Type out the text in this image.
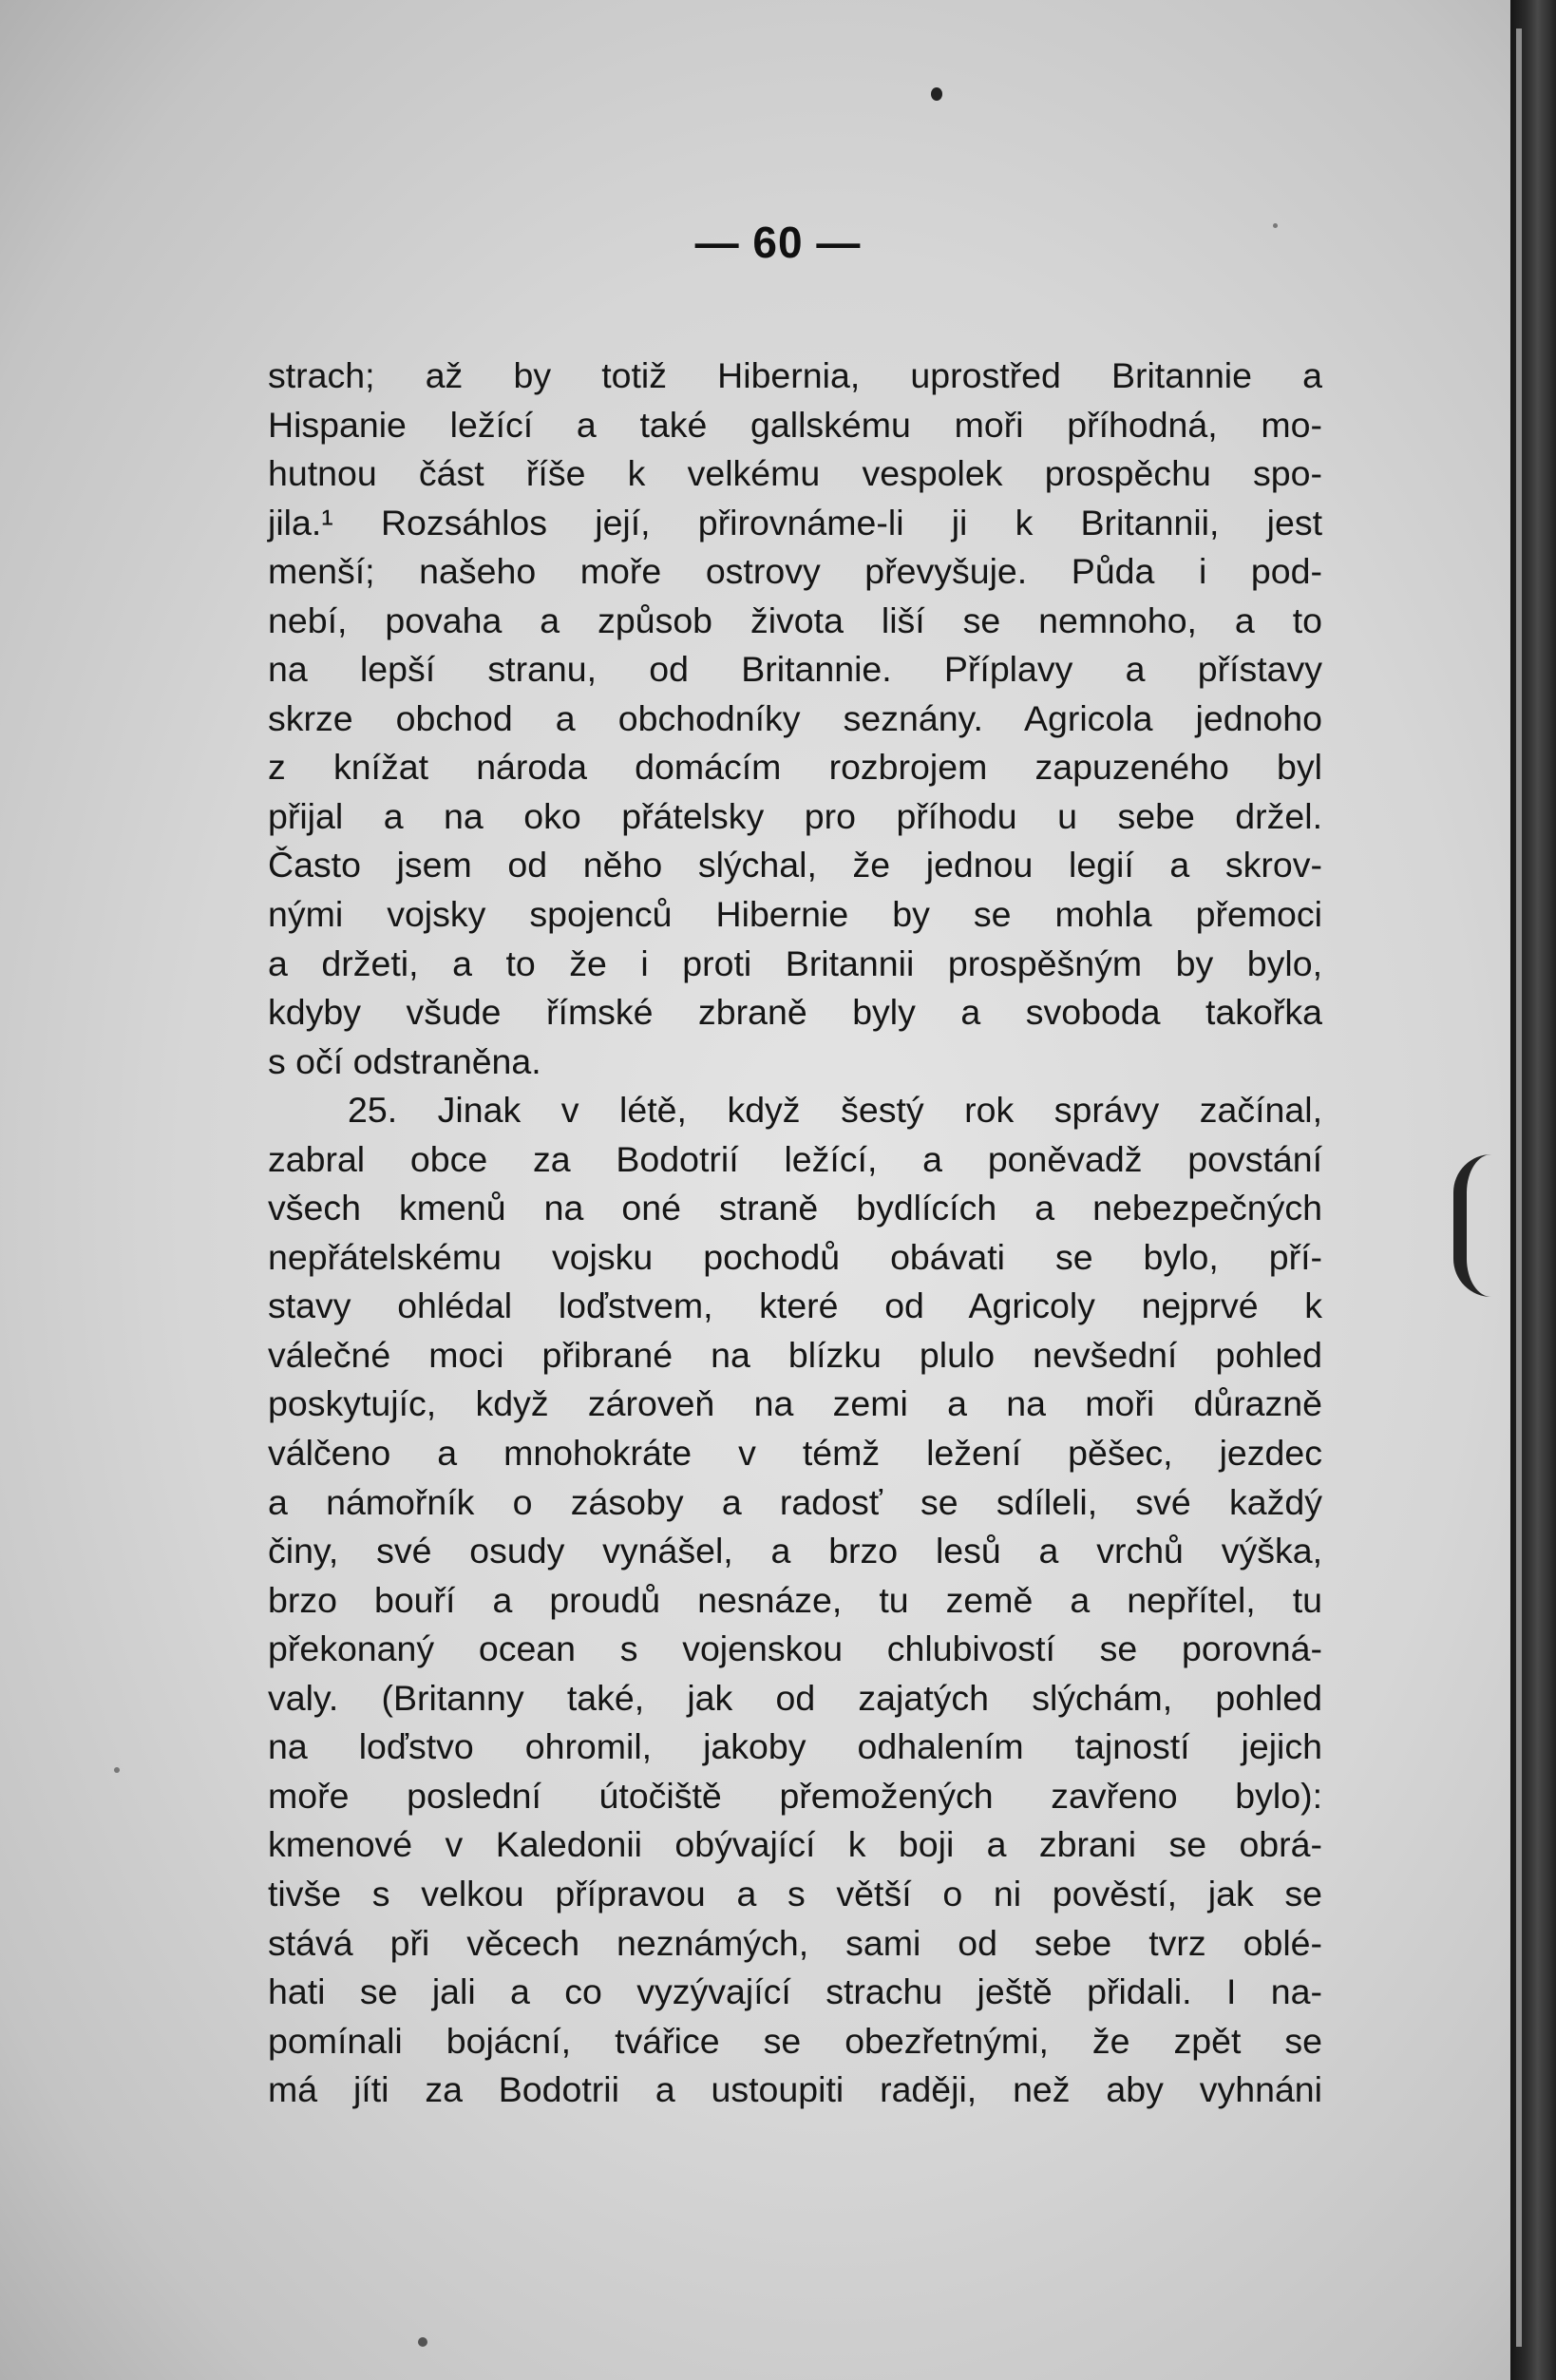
— 60 —
strach; až by totiž Hibernia, uprostřed Britannie a
Hispanie ležící a také gallskému moři příhodná, mo-
hutnou část říše k velkému vespolek prospěchu spo-
jila.¹ Rozsáhlos její, přirovnáme-li ji k Britannii, jest
menší; našeho moře ostrovy převyšuje. Půda i pod-
nebí, povaha a způsob života liší se nemnoho, a to
na lepší stranu, od Britannie. Příplavy a přístavy
skrze obchod a obchodníky seznány. Agricola jednoho
z knížat národa domácím rozbrojem zapuzeného byl
přijal a na oko přátelsky pro příhodu u sebe držel.
Často jsem od něho slýchal, že jednou legií a skrov-
nými vojsky spojenců Hibernie by se mohla přemoci
a držeti, a to že i proti Britannii prospěšným by bylo,
kdyby všude římské zbraně byly a svoboda takořka
s očí odstraněna.
25. Jinak v létě, když šestý rok správy začínal,
zabral obce za Bodotrií ležící, a poněvadž povstání
všech kmenů na oné straně bydlících a nebezpečných
nepřátelskému vojsku pochodů obávati se bylo, pří-
stavy ohlédal loďstvem, které od Agricoly nejprvé k
válečné moci přibrané na blízku plulo nevšední pohled
poskytujíc, když zároveň na zemi a na moři důrazně
válčeno a mnohokráte v témž ležení pěšec, jezdec
a námořník o zásoby a radosť se sdíleli, své každý
činy, své osudy vynášel, a brzo lesů a vrchů výška,
brzo bouří a proudů nesnáze, tu země a nepřítel, tu
překonaný ocean s vojenskou chlubivostí se porovná-
valy. (Britanny také, jak od zajatých slýchám, pohled
na loďstvo ohromil, jakoby odhalením tajností jejich
moře poslední útočiště přemožených zavřeno bylo):
kmenové v Kaledonii obývající k boji a zbrani se obrá-
tivše s velkou přípravou a s větší o ni pověstí, jak se
stává při věcech neznámých, sami od sebe tvrz oblé-
hati se jali a co vyzývající strachu ještě přidali. I na-
pomínali bojácní, tvářice se obezřetnými, že zpět se
má jíti za Bodotrii a ustoupiti raději, než aby vyhnáni
